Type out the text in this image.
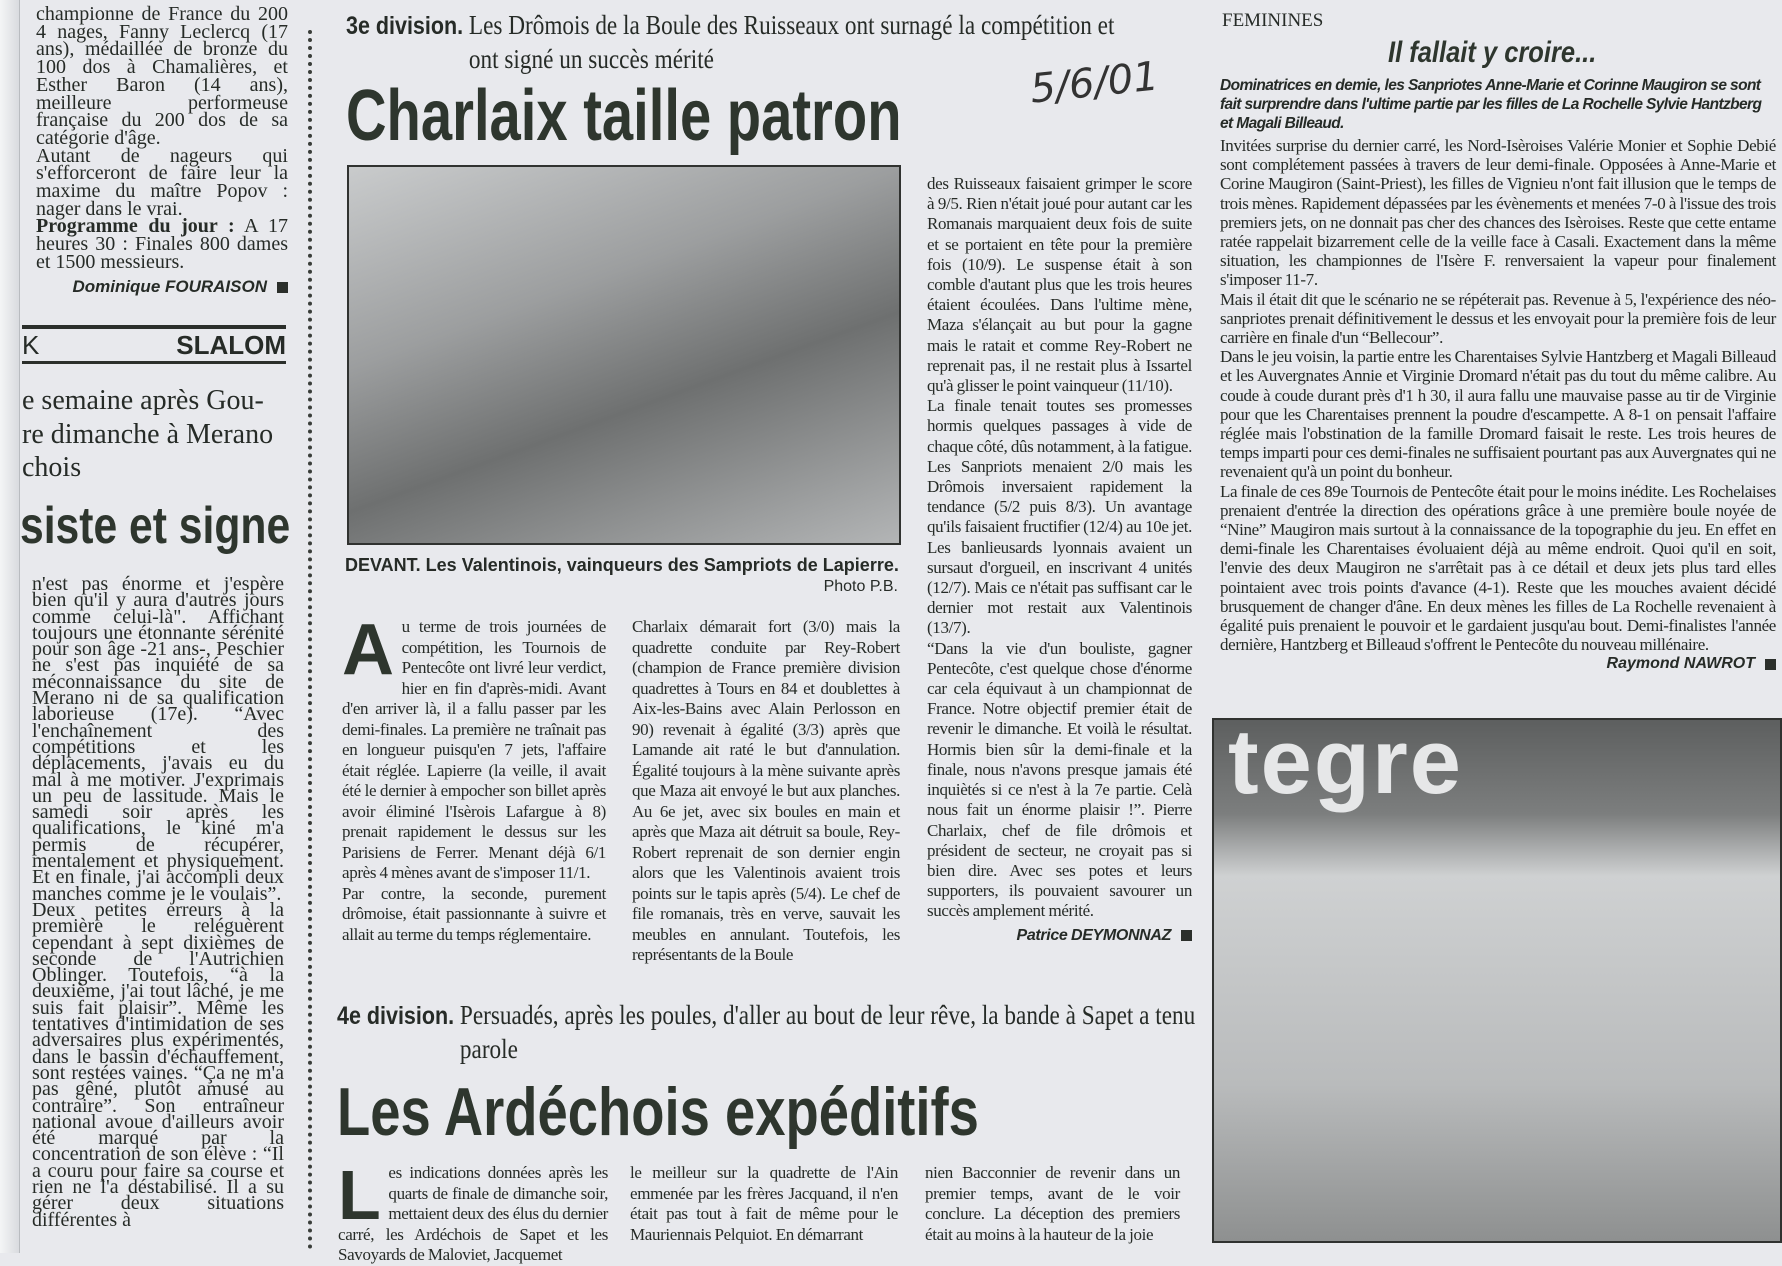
championne de France du 200 4 nages, Fanny Leclercq (17 ans), médaillée de bronze du 100 dos à Chamalières, et Esther Baron (14 ans), meilleure performeuse française du 200 dos de sa catégorie d'âge.

Autant de nageurs qui s'efforceront de faire leur la maxime du maître Popov : nager dans le vrai.

Programme du jour : A 17 heures 30 : Finales 800 dames et 1500 messieurs.

Dominique FOURAISON
K	SLALOM
e semaine après Gou-
re dimanche à Merano
chois
siste et signe

n'est pas énorme et j'espère bien qu'il y aura d'autres jours comme celui-là". Affichant toujours une étonnante sérénité pour son âge -21 ans-, Peschier ne s'est pas inquiété de sa méconnaissance du site de Merano ni de sa qualification laborieuse (17e). “Avec l'enchaînement des compétitions et les déplacements, j'avais eu du mal à me motiver. J'exprimais un peu de lassitude. Mais le samedi soir après les qualifications, le kiné m'a permis de récupérer, mentalement et physiquement. Et en finale, j'ai accompli deux manches comme je le voulais”.

Deux petites erreurs à la première le reléguèrent cependant à sept dixièmes de seconde de l'Autrichien Oblinger. Toutefois, “à la deuxième, j'ai tout lâché, je me suis fait plaisir”. Même les tentatives d'intimidation de ses adversaires plus expérimentés, dans le bassin d'échauffement, sont restées vaines. “Ça ne m'a pas gêné, plutôt amusé au contraire”. Son entraîneur national avoue d'ailleurs avoir été marqué par la concentration de son élève : “Il a couru pour faire sa course et rien ne l'a déstabilisé. Il a su gérer deux situations différentes à

3e division. Les Drômois de la Boule des Ruisseaux ont surnagé la compétition et ont signé un succès mérité
Charlaix taille patron	5/6/01
DEVANT. Les Valentinois, vainqueurs des Sampriots de Lapierre.
Photo P.B.
A u terme de trois journées de compétition, les Tournois de Pentecôte ont livré leur verdict, hier en fin d'après-midi. Avant d'en arriver là, il a fallu passer par les demi-finales. La première ne traînait pas en longueur puisqu'en 7 jets, l'affaire était réglée. Lapierre (la veille, il avait été le dernier à empocher son billet après avoir éliminé l'Isèrois Lafargue à 8) prenait rapidement le dessus sur les Parisiens de Ferrer. Menant déjà 6/1 après 4 mènes avant de s'imposer 11/1.

Par contre, la seconde, purement drômoise, était passionnante à suivre et allait au terme du temps réglementaire.

Charlaix démarait fort (3/0) mais la quadrette conduite par Rey-Robert (champion de France première division quadrettes à Tours en 84 et doublettes à Aix-les-Bains avec Alain Perlosson en 90) revenait à égalité (3/3) après que Lamande ait raté le but d'annulation. Égalité toujours à la mène suivante après que Maza ait envoyé le but aux planches. Au 6e jet, avec six boules en main et après que Maza ait détruit sa boule, Rey-Robert reprenait de son dernier engin alors que les Valentinois avaient trois points sur le tapis après (5/4). Le chef de file romanais, très en verve, sauvait les meubles en annulant. Toutefois, les représentants de la Boule

des Ruisseaux faisaient grimper le score à 9/5. Rien n'était joué pour autant car les Romanais marquaient deux fois de suite et se portaient en tête pour la première fois (10/9). Le suspense était à son comble d'autant plus que les trois heures étaient écoulées. Dans l'ultime mène, Maza s'élançait au but pour la gagne mais le ratait et comme Rey-Robert ne reprenait pas, il ne restait plus à Issartel qu'à glisser le point vainqueur (11/10).

La finale tenait toutes ses promesses hormis quelques passages à vide de chaque côté, dûs notamment, à la fatigue. Les Sanpriots menaient 2/0 mais les Drômois inversaient rapidement la tendance (5/2 puis 8/3). Un avantage qu'ils faisaient fructifier (12/4) au 10e jet. Les banlieusards lyonnais avaient un sursaut d'orgueil, en inscrivant 4 unités (12/7). Mais ce n'était pas suffisant car le dernier mot restait aux Valentinois (13/7).

“Dans la vie d'un bouliste, gagner Pentecôte, c'est quelque chose d'énorme car cela équivaut à un championnat de France. Notre objectif premier était de revenir le dimanche. Et voilà le résultat. Hormis bien sûr la demi-finale et la finale, nous n'avons presque jamais été inquiètés si ce n'est à la 7e partie. Celà nous fait un énorme plaisir !”. Pierre Charlaix, chef de file drômois et président de secteur, ne croyait pas si bien dire. Avec ses potes et leurs supporters, ils pouvaient savourer un succès amplement mérité.

Patrice DEYMONNAZ
4e division. Persuadés, après les poules, d'aller au bout de leur rêve, la bande à Sapet a tenu parole
Les Ardéchois expéditifs
L es indications données après les quarts de finale de dimanche soir, mettaient deux des élus du dernier carré, les Ardéchois de Sapet et les Savoyards de Maloviet, Jacquemet

le meilleur sur la quadrette de l'Ain emmenée par les frères Jacquand, il n'en était pas tout à fait de même pour le Mauriennais Pelquiot. En démarrant

nien Bacconnier de revenir dans un premier temps, avant de le voir conclure. La déception des premiers était au moins à la hauteur de la joie

FEMININES
Il fallait y croire...
Dominatrices en demie, les Sanpriotes Anne-Marie et Corinne Maugiron se sont fait surprendre dans l'ultime partie par les filles de La Rochelle Sylvie Hantzberg et Magali Billeaud.

Invitées surprise du dernier carré, les Nord-Isèroises Valérie Monier et Sophie Debié sont complétement passées à travers de leur demi-finale. Opposées à Anne-Marie et Corine Maugiron (Saint-Priest), les filles de Vignieu n'ont fait illusion que le temps de trois mènes. Rapidement dépassées par les évènements et menées 7-0 à l'issue des trois premiers jets, on ne donnait pas cher des chances des Isèroises. Reste que cette entame ratée rappelait bizarrement celle de la veille face à Casali. Exactement dans la même situation, les championnes de l'Isère F. renversaient la vapeur pour finalement s'imposer 11-7.

Mais il était dit que le scénario ne se répéterait pas. Revenue à 5, l'expérience des néo-sanpriotes prenait définitivement le dessus et les envoyait pour la première fois de leur carrière en finale d'un “Bellecour”.

Dans le jeu voisin, la partie entre les Charentaises Sylvie Hantzberg et Magali Billeaud et les Auvergnates Annie et Virginie Dromard n'était pas du tout du même calibre. Au coude à coude durant près d'1 h 30, il aura fallu une mauvaise passe au tir de Virginie pour que les Charentaises prennent la poudre d'escampette. A 8-1 on pensait l'affaire réglée mais l'obstination de la famille Dromard faisait le reste. Les trois heures de temps imparti pour ces demi-finales ne suffisaient pourtant pas aux Auvergnates qui ne revenaient qu'à un point du bonheur.

La finale de ces 89e Tournois de Pentecôte était pour le moins inédite. Les Rochelaises prenaient d'entrée la direction des opérations grâce à une première boule noyée de “Nine” Maugiron mais surtout à la connaissance de la topographie du jeu. En effet en demi-finale les Charentaises évoluaient déjà au même endroit. Quoi qu'il en soit, l'envie des deux Maugiron ne s'arrêtait pas à ce détail et deux jets plus tard elles pointaient avec trois points d'avance (4-1). Reste que les mouches avaient décidé brusquement de changer d'âne. En deux mènes les filles de La Rochelle revenaient à égalité puis prenaient le pouvoir et le gardaient jusqu'au bout. Demi-finalistes l'année dernière, Hantzberg et Billeaud s'offrent le Pentecôte du nouveau millénaire.

Raymond NAWROT
tegre
